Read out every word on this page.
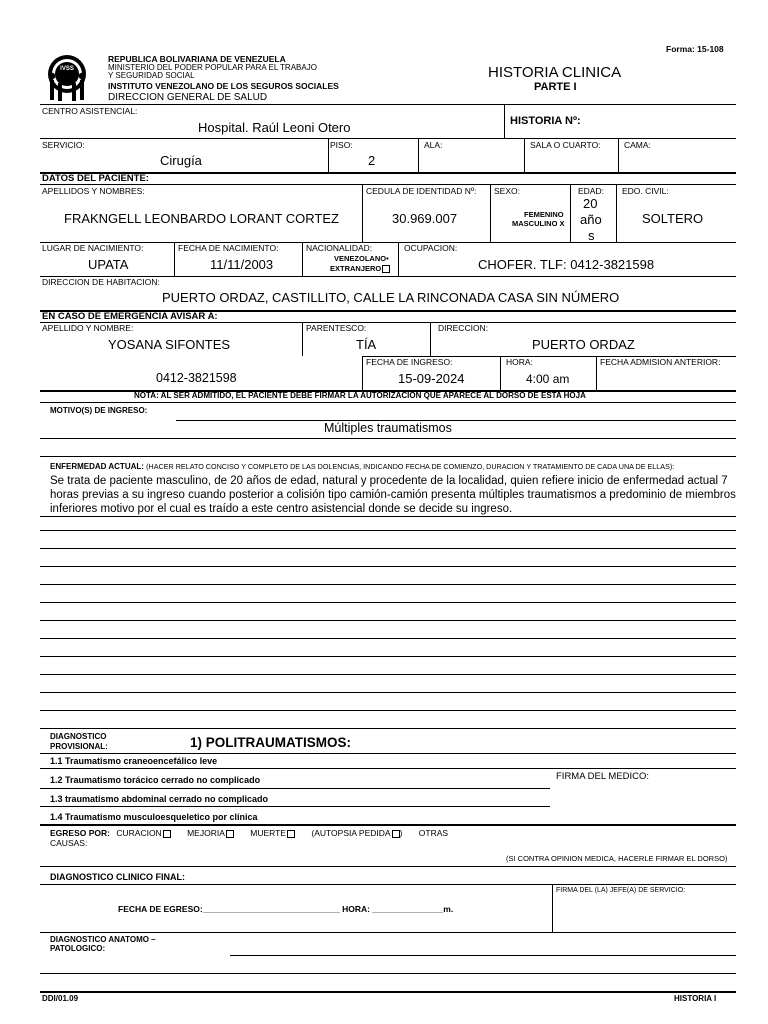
IVSS
Forma: 15-108
REPUBLICA BOLIVARIANA DE VENEZUELA
MINISTERIO DEL PODER POPULAR PARA EL TRABAJO
Y SEGURIDAD SOCIAL
INSTITUTO VENEZOLANO DE LOS SEGUROS SOCIALES
DIRECCION GENERAL DE SALUD
HISTORIA CLINICA
PARTE I
CENTRO ASISTENCIAL:
Hospital. Raúl Leoni Otero	HISTORIA Nº:
SERVICIO:
Cirugía
PISO:
2
ALA:	SALA O CUARTO:	CAMA:
DATOS DEL PACIENTE:
APELLIDOS Y NOMBRES:
FRAKNGELL LEONBARDO LORANT CORTEZ
CEDULA DE IDENTIDAD Nº:
30.969.007
SEXO:
FEMENINO
MASCULINO X
EDAD:
20
año
s
EDO. CIVIL:
SOLTERO
LUGAR DE NACIMIENTO:
UPATA
FECHA DE NACIMIENTO:
11/11/2003
NACIONALIDAD:
VENEZOLANO•
EXTRANJERO
OCUPACION:
CHOFER. TLF: 0412-3821598
DIRECCION DE HABITACION:
PUERTO ORDAZ, CASTILLITO, CALLE LA RINCONADA CASA SIN NÚMERO
EN CASO DE EMERGENCIA AVISAR A:
APELLIDO Y NOMBRE:
YOSANA SIFONTES
PARENTESCO:
TÍA
DIRECCION:
PUERTO ORDAZ
0412-3821598
FECHA DE INGRESO:
15-09-2024
HORA:
4:00 am
FECHA ADMISION ANTERIOR:
NOTA: AL SER ADMITIDO, EL PACIENTE DEBE FIRMAR LA AUTORIZACION QUE APARECE AL DORSO DE ESTA HOJA
MOTIVO(S) DE INGRESO:
Múltiples traumatismos
ENFERMEDAD ACTUAL: (HACER RELATO CONCISO Y COMPLETO DE LAS DOLENCIAS, INDICANDO FECHA DE COMIENZO, DURACION Y TRATAMIENTO DE CADA UNA DE ELLAS):
Se trata de paciente masculino, de 20 años de edad, natural y procedente de la localidad, quien refiere inicio de enfermedad actual 7
horas previas a su ingreso cuando posterior a colisión tipo camión-camión presenta múltiples traumatismos a predominio de miembros
inferiores motivo por el cual es traído a este centro asistencial donde se decide su ingreso.
DIAGNOSTICO
PROVISIONAL:	1) POLITRAUMATISMOS:
1.1 Traumatismo craneoencefálico leve
FIRMA DEL MEDICO:
1.2 Traumatismo torácico cerrado no complicado
1.3 traumatismo abdominal cerrado no complicado
1.4 Traumatismo musculoesqueletico por clínica
EGRESO POR: CURACION	MEJORIA	MUERTE	(AUTOPSIA PEDIDA ) OTRAS
CAUSAS:
(SI CONTRA OPINION MEDICA, HACERLE FIRMAR EL DORSO)
DIAGNOSTICO CLINICO FINAL:
FIRMA DEL (LA) JEFE(A) DE SERVICIO:
FECHA DE EGRESO:_____________________________ HORA: _______________m.
DIAGNOSTICO ANATOMO –
PATOLOGICO:
DDI/01.09	HISTORIA I
